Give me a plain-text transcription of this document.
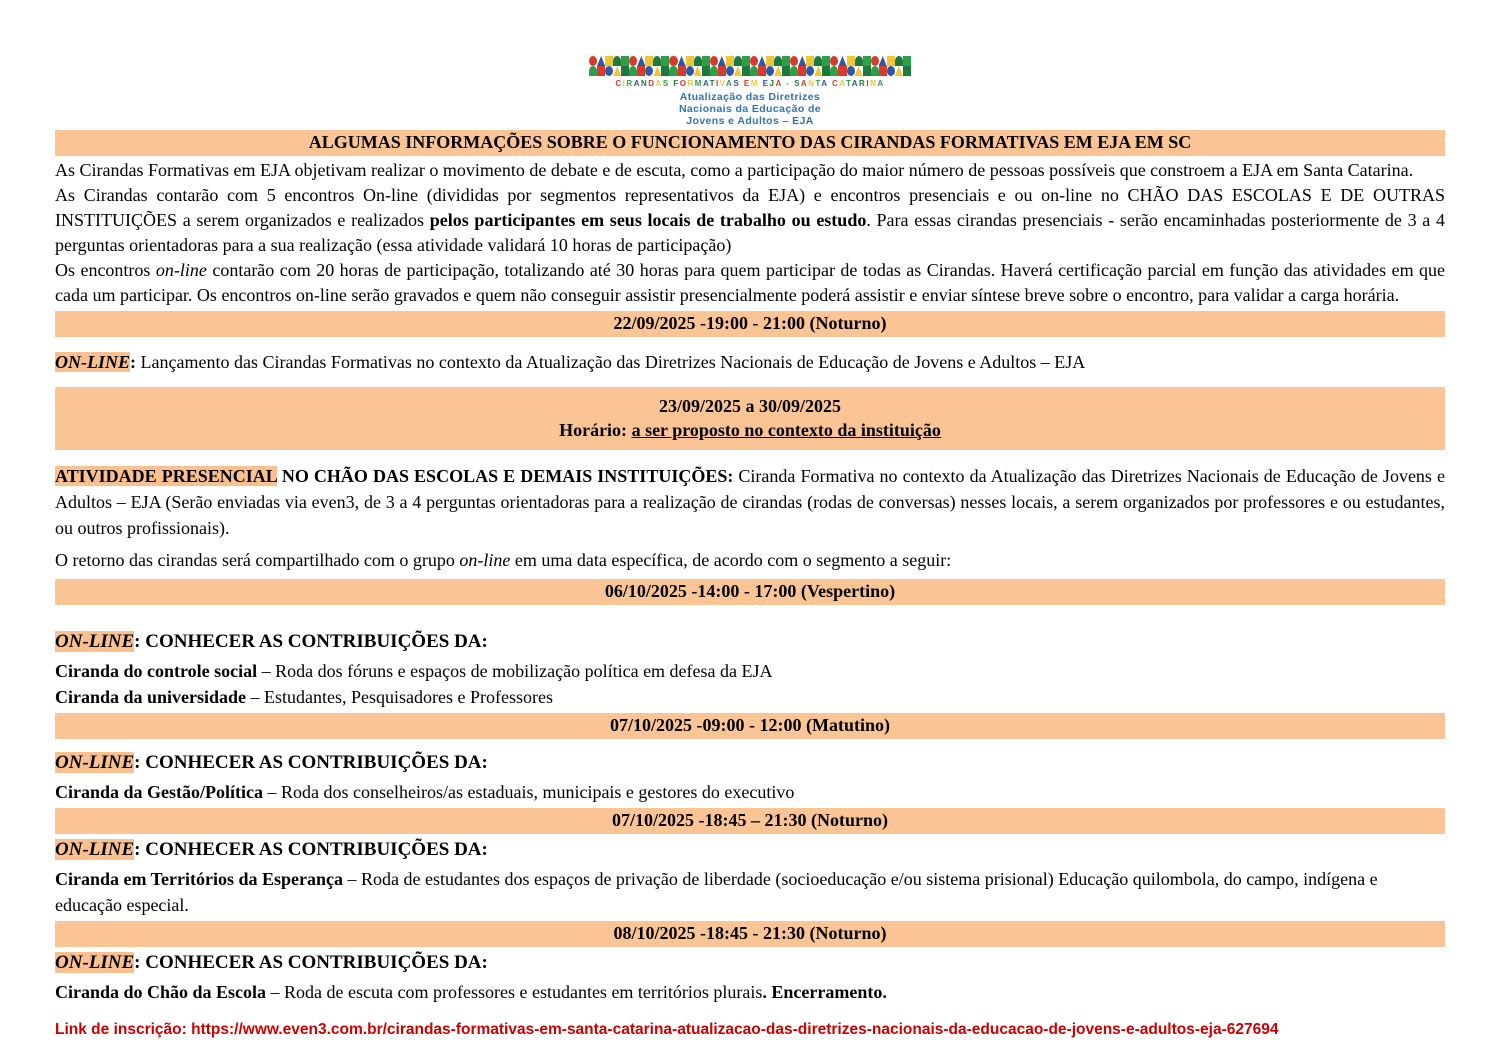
CIRANDAS FORMATIVAS EM EJA - SANTA CATARINA
Atualização das Diretrizes
Nacionais da Educação de
Jovens e Adultos – EJA
ALGUMAS INFORMAÇÕES SOBRE O FUNCIONAMENTO DAS CIRANDAS FORMATIVAS EM EJA EM SC

As Cirandas Formativas em EJA objetivam realizar o movimento de debate e de escuta, como a participação do maior número de pessoas possíveis que constroem a EJA em Santa Catarina.

As Cirandas contarão com 5 encontros On-line (divididas por segmentos representativos da EJA) e encontros presenciais e ou on-line no CHÃO DAS ESCOLAS E DE OUTRAS INSTITUIÇÕES a serem organizados e realizados pelos participantes em seus locais de trabalho ou estudo. Para essas cirandas presenciais - serão encaminhadas posteriormente de 3 a 4 perguntas orientadoras para a sua realização (essa atividade validará 10 horas de participação)

Os encontros on-line contarão com 20 horas de participação, totalizando até 30 horas para quem participar de todas as Cirandas. Haverá certificação parcial em função das atividades em que cada um participar. Os encontros on-line serão gravados e quem não conseguir assistir presencialmente poderá assistir e enviar síntese breve sobre o encontro, para validar a carga horária.

22/09/2025 -19:00 - 21:00 (Noturno)

ON-LINE: Lançamento das Cirandas Formativas no contexto da Atualização das Diretrizes Nacionais de Educação de Jovens e Adultos – EJA

23/09/2025 a 30/09/2025
Horário: a ser proposto no contexto da instituição

ATIVIDADE PRESENCIAL NO CHÃO DAS ESCOLAS E DEMAIS INSTITUIÇÕES: Ciranda Formativa no contexto da Atualização das Diretrizes Nacionais de Educação de Jovens e Adultos – EJA (Serão enviadas via even3, de 3 a 4 perguntas orientadoras para a realização de cirandas (rodas de conversas) nesses locais, a serem organizados por professores e ou estudantes, ou outros profissionais).

O retorno das cirandas será compartilhado com o grupo on-line em uma data específica, de acordo com o segmento a seguir:

06/10/2025 -14:00 - 17:00 (Vespertino)

ON-LINE: CONHECER AS CONTRIBUIÇÕES DA:

Ciranda do controle social – Roda dos fóruns e espaços de mobilização política em defesa da EJA

Ciranda da universidade – Estudantes, Pesquisadores e Professores

07/10/2025 -09:00 - 12:00 (Matutino)

ON-LINE: CONHECER AS CONTRIBUIÇÕES DA:

Ciranda da Gestão/Política – Roda dos conselheiros/as estaduais, municipais e gestores do executivo

07/10/2025 -18:45 – 21:30 (Noturno)

ON-LINE: CONHECER AS CONTRIBUIÇÕES DA:

Ciranda em Territórios da Esperança – Roda de estudantes dos espaços de privação de liberdade (socioeducação e/ou sistema prisional) Educação quilombola, do campo, indígena e educação especial.

08/10/2025 -18:45 - 21:30 (Noturno)

ON-LINE: CONHECER AS CONTRIBUIÇÕES DA:

Ciranda do Chão da Escola – Roda de escuta com professores e estudantes em territórios plurais. Encerramento.

Link de inscrição: https://www.even3.com.br/cirandas-formativas-em-santa-catarina-atualizacao-das-diretrizes-nacionais-da-educacao-de-jovens-e-adultos-eja-627694
